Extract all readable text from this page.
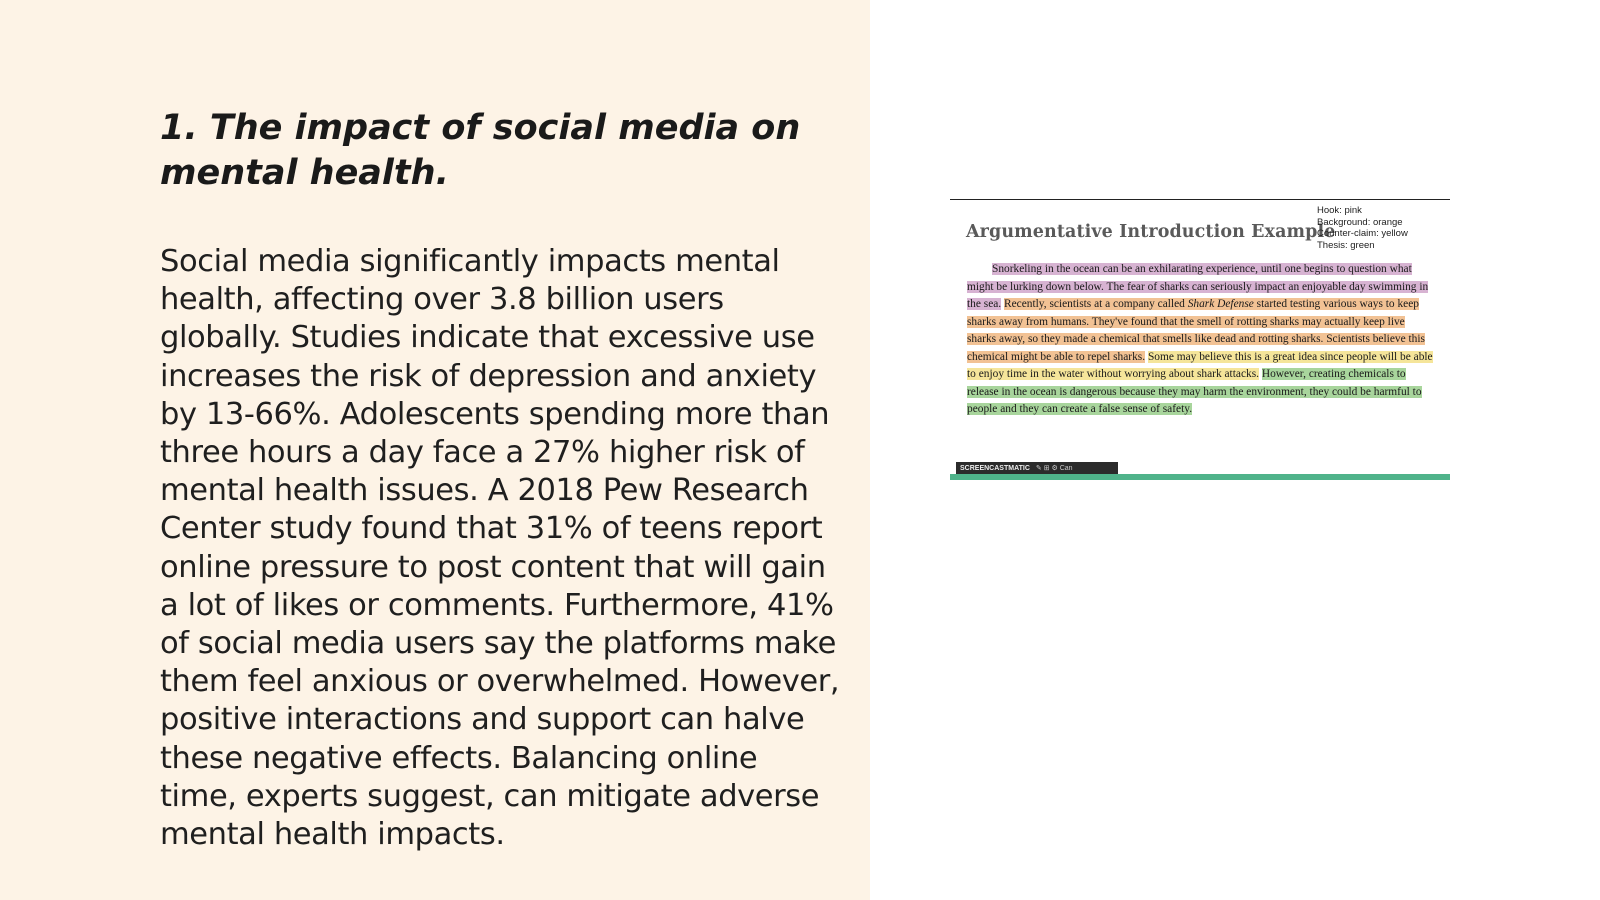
1. The impact of social media on mental health.

Social media significantly impacts mental health, affecting over 3.8 billion users globally. Studies indicate that excessive use increases the risk of depression and anxiety by 13-66%. Adolescents spending more than three hours a day face a 27% higher risk of mental health issues. A 2018 Pew Research Center study found that 31% of teens report online pressure to post content that will gain a lot of likes or comments. Furthermore, 41% of social media users say the platforms make them feel anxious or overwhelmed. However, positive interactions and support can halve these negative effects. Balancing online time, experts suggest, can mitigate adverse mental health impacts.

Argumentative Introduction Example
Hook: pink
Background: orange
Counter-claim: yellow
Thesis: green

Snorkeling in the ocean can be an exhilarating experience, until one begins to question what might be lurking down below. The fear of sharks can seriously impact an enjoyable day swimming in the sea. Recently, scientists at a company called Shark Defense started testing various ways to keep sharks away from humans. They've found that the smell of rotting sharks may actually keep live sharks away, so they made a chemical that smells like dead and rotting sharks. Scientists believe this chemical might be able to repel sharks. Some may believe this is a great idea since people will be able to enjoy time in the water without worrying about shark attacks. However, creating chemicals to release in the ocean is dangerous because they may harm the environment, they could be harmful to people and they can create a false sense of safety.

SCREENCASTMATIC ✎ ⊞ ⚙ Can
